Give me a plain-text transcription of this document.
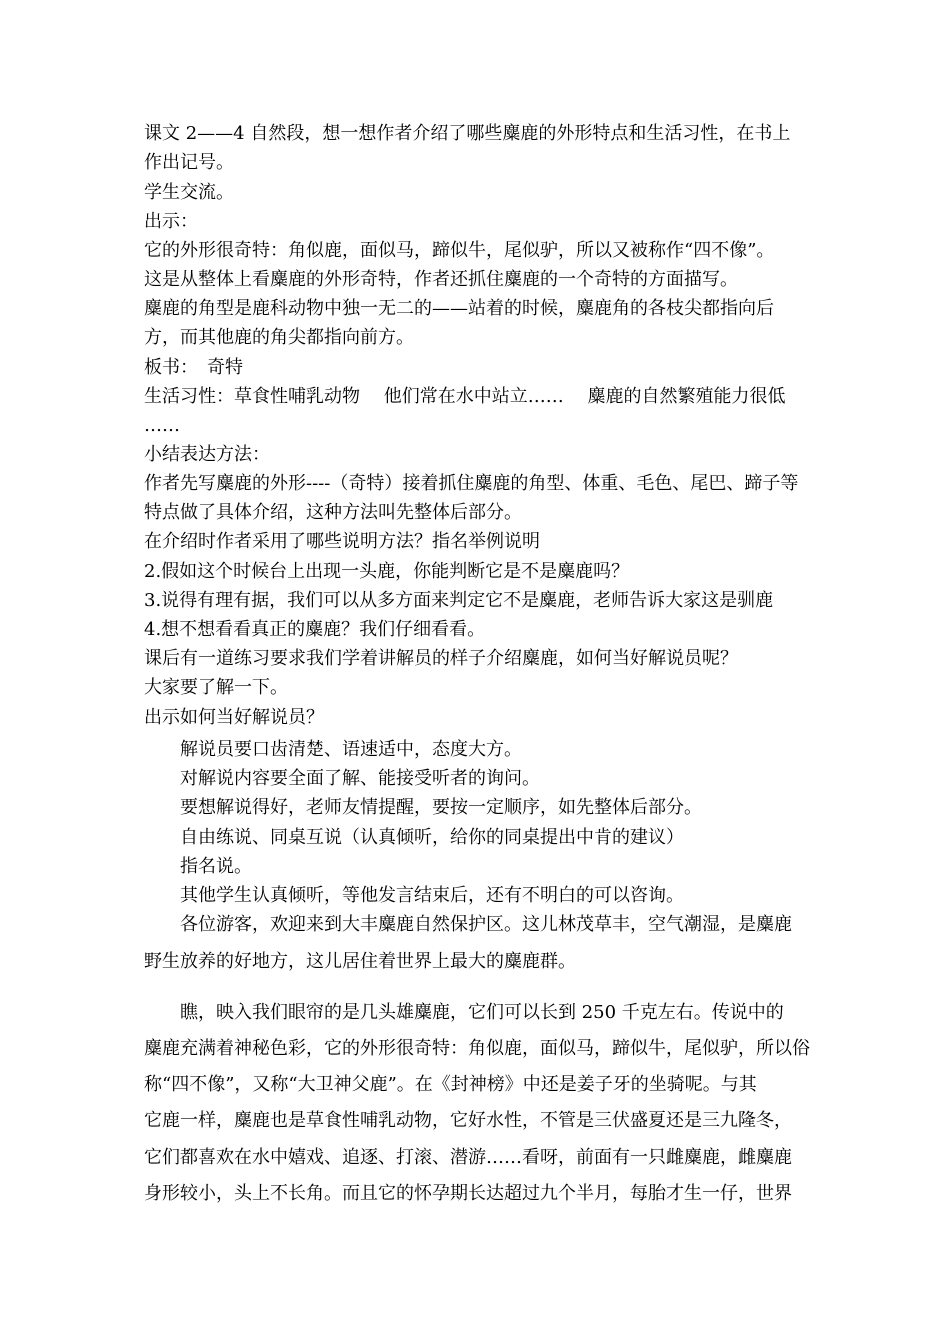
课文 2——4 自然段，想一想作者介绍了哪些麋鹿的外形特点和生活习性，在书上
作出记号。
学生交流。
出示：
它的外形很奇特：角似鹿，面似马，蹄似牛，尾似驴，所以又被称作“四不像”。
这是从整体上看麋鹿的外形奇特，作者还抓住麋鹿的一个奇特的方面描写。
麋鹿的角型是鹿科动物中独一无二的——站着的时候，麋鹿角的各枝尖都指向后
方，而其他鹿的角尖都指向前方。
板书：　奇特
生活习性：草食性哺乳动物　 他们常在水中站立……　 麋鹿的自然繁殖能力很低
……
小结表达方法：
作者先写麋鹿的外形----（奇特）接着抓住麋鹿的角型、体重、毛色、尾巴、蹄子等
特点做了具体介绍，这种方法叫先整体后部分。
在介绍时作者采用了哪些说明方法？指名举例说明
2.假如这个时候台上出现一头鹿，你能判断它是不是麋鹿吗？
3.说得有理有据，我们可以从多方面来判定它不是麋鹿，老师告诉大家这是驯鹿
4.想不想看看真正的麋鹿？我们仔细看看。
课后有一道练习要求我们学着讲解员的样子介绍麋鹿，如何当好解说员呢？
大家要了解一下。
出示如何当好解说员？
解说员要口齿清楚、语速适中，态度大方。
对解说内容要全面了解、能接受听者的询问。
要想解说得好，老师友情提醒，要按一定顺序，如先整体后部分。
自由练说、同桌互说（认真倾听，给你的同桌提出中肯的建议）
指名说。
其他学生认真倾听，等他发言结束后，还有不明白的可以咨询。
各位游客，欢迎来到大丰麋鹿自然保护区。这儿林茂草丰，空气潮湿，是麋鹿
野生放养的好地方，这儿居住着世界上最大的麋鹿群。
瞧，映入我们眼帘的是几头雄麋鹿，它们可以长到 250 千克左右。传说中的
麋鹿充满着神秘色彩，它的外形很奇特：角似鹿，面似马，蹄似牛，尾似驴，所以俗
称“四不像”，又称“大卫神父鹿”。在《封神榜》中还是姜子牙的坐骑呢。与其
它鹿一样，麋鹿也是草食性哺乳动物，它好水性，不管是三伏盛夏还是三九隆冬，
它们都喜欢在水中嬉戏、追逐、打滚、潜游……看呀，前面有一只雌麋鹿，雌麋鹿
身形较小，头上不长角。而且它的怀孕期长达超过九个半月，每胎才生一仔，世界
